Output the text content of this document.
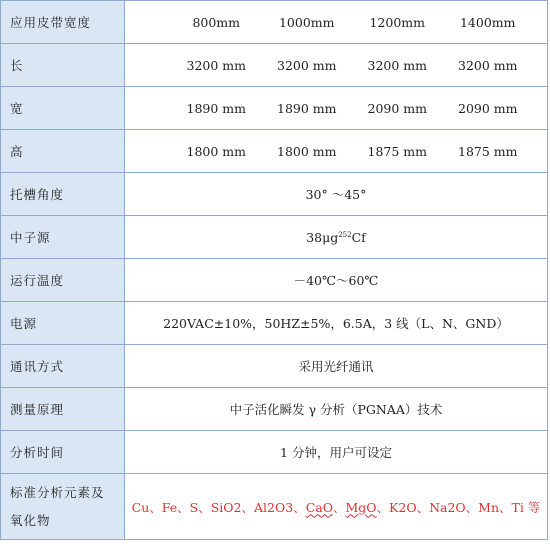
应用皮带宽度	800mm 1000mm 1200mm 1400mm

长	3200 mm 3200 mm 3200 mm 3200 mm

宽	1890 mm 1890 mm 2090 mm 2090 mm

高	1800 mm 1800 mm 1875 mm 1875 mm

托槽角度	30° ～45°
中子源	$38\mu g^{252}Cf$
运行温度	－40℃～60℃
电源	220VAC±10%，50HZ±5%，6.5A，3 线（L、N、GND）
通讯方式	采用光纤通讯
测量原理	中子活化瞬发 γ 分析（PGNAA）技术
分析时间	1 分钟，用户可设定

标准分析元素及
氧化物	Cu、Fe、S、SiO2、Al2O3、CaO、MgO、K2O、Na2O、Mn、Ti 等
